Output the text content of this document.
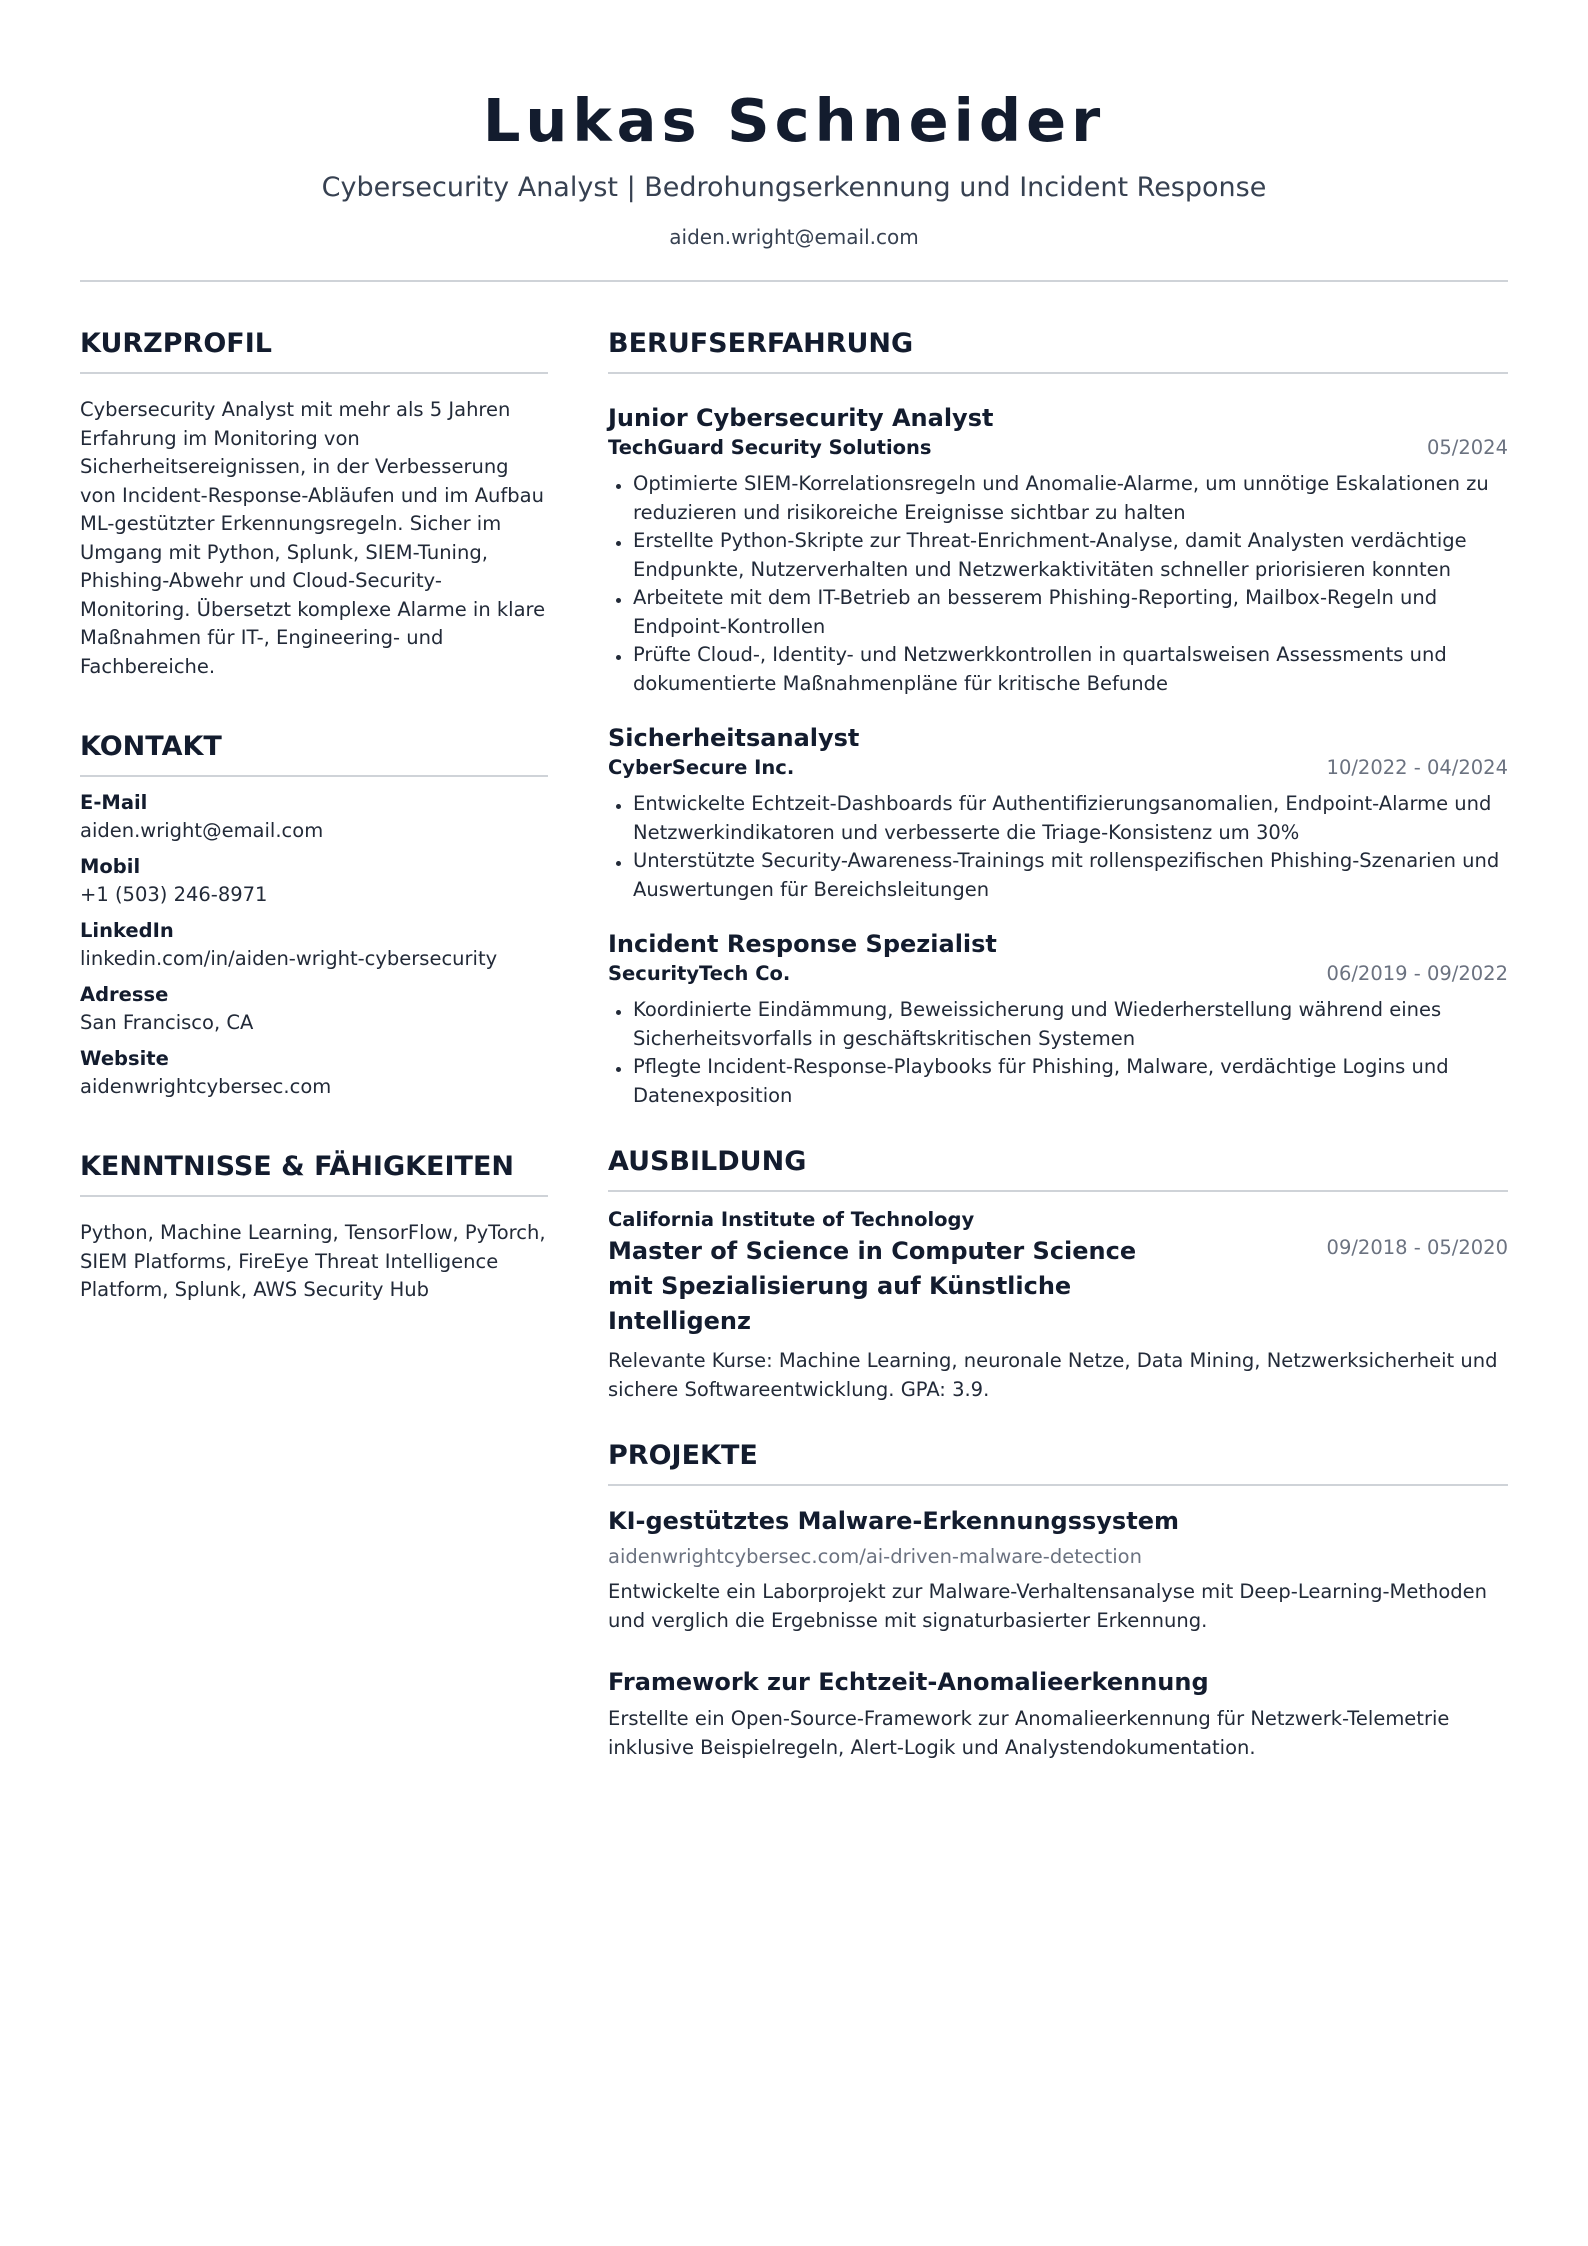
Lukas Schneider
Cybersecurity Analyst | Bedrohungserkennung und Incident Response
aiden.wright@email.com
KURZPROFIL
Cybersecurity Analyst mit mehr als 5 Jahren Erfahrung im Monitoring von Sicherheitsereignissen, in der Verbesserung von Incident-Response-Abläufen und im Aufbau ML-gestützter Erkennungsregeln. Sicher im Umgang mit Python, Splunk, SIEM-Tuning, Phishing-Abwehr und Cloud-Security-Monitoring. Übersetzt komplexe Alarme in klare Maßnahmen für IT-, Engineering- und Fachbereiche.
KONTAKT
E-Mail
aiden.wright@email.com
Mobil
+1 (503) 246-8971
LinkedIn
linkedin.com/in/aiden-wright-cybersecurity
Adresse
San Francisco, CA
Website
aidenwrightcybersec.com
KENNTNISSE & FÄHIGKEITEN
Python, Machine Learning, TensorFlow, PyTorch, SIEM Platforms, FireEye Threat Intelligence Platform, Splunk, AWS Security Hub
BERUFSERFAHRUNG
Junior Cybersecurity Analyst
TechGuard Security Solutions	05/2024
Optimierte SIEM-Korrelationsregeln und Anomalie-Alarme, um unnötige Eskalationen zu reduzieren und risikoreiche Ereignisse sichtbar zu halten
Erstellte Python-Skripte zur Threat-Enrichment-Analyse, damit Analysten verdächtige Endpunkte, Nutzerverhalten und Netzwerkaktivitäten schneller priorisieren konnten
Arbeitete mit dem IT-Betrieb an besserem Phishing-Reporting, Mailbox-Regeln und Endpoint-Kontrollen
Prüfte Cloud-, Identity- und Netzwerkkontrollen in quartalsweisen Assessments und dokumentierte Maßnahmenpläne für kritische Befunde
Sicherheitsanalyst
CyberSecure Inc.	10/2022 - 04/2024
Entwickelte Echtzeit-Dashboards für Authentifizierungsanomalien, Endpoint-Alarme und Netzwerkindikatoren und verbesserte die Triage-Konsistenz um 30%
Unterstützte Security-Awareness-Trainings mit rollenspezifischen Phishing-Szenarien und Auswertungen für Bereichsleitungen
Incident Response Spezialist
SecurityTech Co.	06/2019 - 09/2022
Koordinierte Eindämmung, Beweissicherung und Wiederherstellung während eines Sicherheitsvorfalls in geschäftskritischen Systemen
Pflegte Incident-Response-Playbooks für Phishing, Malware, verdächtige Logins und Datenexposition
AUSBILDUNG
California Institute of Technology
Master of Science in Computer Science mit Spezialisierung auf Künstliche Intelligenz
09/2018 - 05/2020
Relevante Kurse: Machine Learning, neuronale Netze, Data Mining, Netzwerksicherheit und sichere Softwareentwicklung. GPA: 3.9.
PROJEKTE
KI-gestütztes Malware-Erkennungssystem
aidenwrightcybersec.com/ai-driven-malware-detection
Entwickelte ein Laborprojekt zur Malware-Verhaltensanalyse mit Deep-Learning-Methoden und verglich die Ergebnisse mit signaturbasierter Erkennung.
Framework zur Echtzeit-Anomalieerkennung
Erstellte ein Open-Source-Framework zur Anomalieerkennung für Netzwerk-Telemetrie inklusive Beispielregeln, Alert-Logik und Analystendokumentation.
